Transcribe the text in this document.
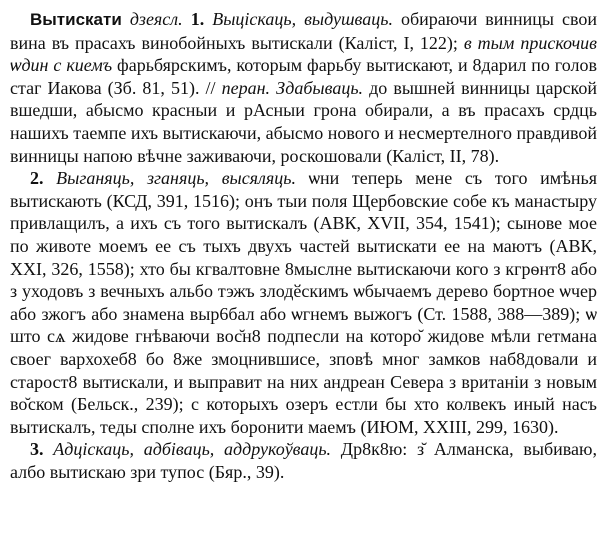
Вытискати дзеясл. 1. Выціскаць, выдушваць. обираючи винницы свои вина въ прасахъ винобойныхъ вытискали (Каліст, I, 122); в тым прискочив ѡдин с киемъ фарьбярскимъ, которым фарьбу вытискают, и 8дарил по голов стаг Иакова (Зб. 81, 51). // перан. Здабываць. до вышней винницы царской вшедши, абысмо красныи и рАсныи грона обирали, а въ прасахъ срдць нашихъ таемпе ихъ вытискаючи, абысмо нового и несмертелного правдивой винницы напою вѣчне заживаючи, роскошовали (Каліст, II, 78).

2. Выганяць, зганяць, высяляць. ѡни теперь мене съ того имѣнья вытискають (КСД, 391, 1516); онъ тыи поля Щербовские собе къ манастыру привлащилъ, а ихъ съ того вытискалъ (АВК, XVII, 354, 1541); сынове мое по животе моемъ ее съ тыхъ двухъ частей вытискати ее на маютъ (АВК, XXI, 326, 1558); хто бы кгвалтовне 8мыслне вытискаючи кого з кгрѳнт8 або з уходовъ з вечныхъ альбо тэжъ злодӗскимъ ѡбычаемъ дерево бортное ѡчер або зжогъ або знамена выр6бал або ѡгнемъ выжогъ (Ст. 1588, 388—389); ѡ што сѧ жидове гнѣваючи вос̆н8 подпесли на которо̆ жидове мѣли гетмана своег вархохеб8 бо 8же змоцнившисе, зповѣ мног замков наб8довали и старост8 вытискали, и выправит на них андреан Севера з вританіи з новым во̆ском (Бельск., 239); с которыхъ озеръ естли бы хто колвекъ иный насъ вытискалъ, теды сполне ихъ боронити маемъ (ИЮМ, XXIII, 299, 1630).

3. Адціскаць, адбіваць, аддрукоўваць. Др8к8ю: з̆ Алманска, выбиваю, албо вытискаю зри тупос (Бяр., 39).
